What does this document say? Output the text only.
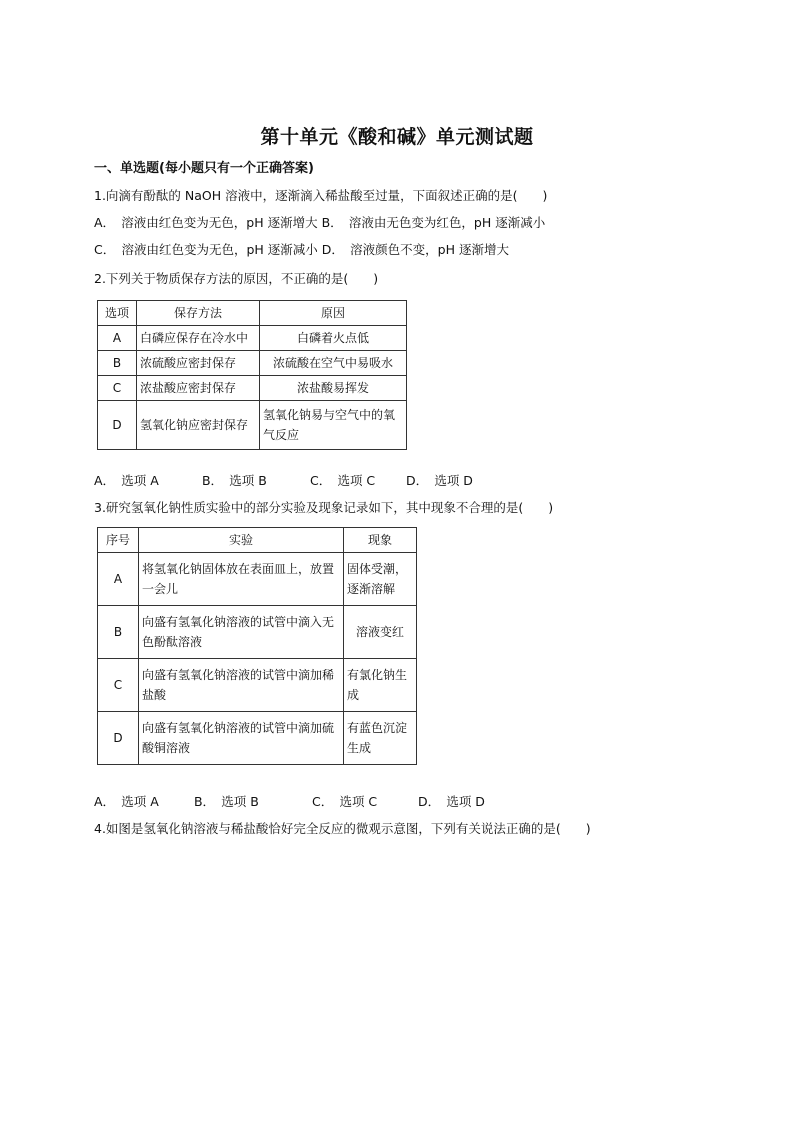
第十单元《酸和碱》单元测试题
一、单选题(每小题只有一个正确答案)
1.向滴有酚酞的 NaOH 溶液中，逐渐滴入稀盐酸至过量，下面叙述正确的是(　　)
A．　溶液由红色变为无色，pH 逐渐增大 B．　溶液由无色变为红色，pH 逐渐减小
C．　溶液由红色变为无色，pH 逐渐减小 D．　溶液颜色不变，pH 逐渐增大
2.下列关于物质保存方法的原因，不正确的是(　　)
选项	保存方法	原因
A	白磷应保存在冷水中	白磷着火点低
B	浓硫酸应密封保存	浓硫酸在空气中易吸水
C	浓盐酸应密封保存	浓盐酸易挥发
D	氢氧化钠应密封保存	氢氧化钠易与空气中的氧气反应
A．　选项 A	B．　选项 B	C．　选项 C D．　选项 D
3.研究氢氧化钠性质实验中的部分实验及现象记录如下，其中现象不合理的是(　　)
序号	实验	现象
A	将氢氧化钠固体放在表面皿上，放置一会儿	固体受潮，逐渐溶解
B	向盛有氢氧化钠溶液的试管中滴入无色酚酞溶液	溶液变红
C	向盛有氢氧化钠溶液的试管中滴加稀盐酸	有氯化钠生成
D	向盛有氢氧化钠溶液的试管中滴加硫酸铜溶液	有蓝色沉淀生成
A．　选项 A	B．　选项 B	C．　选项 C	D．　选项 D
4.如图是氢氧化钠溶液与稀盐酸恰好完全反应的微观示意图，下列有关说法正确的是(　　)
